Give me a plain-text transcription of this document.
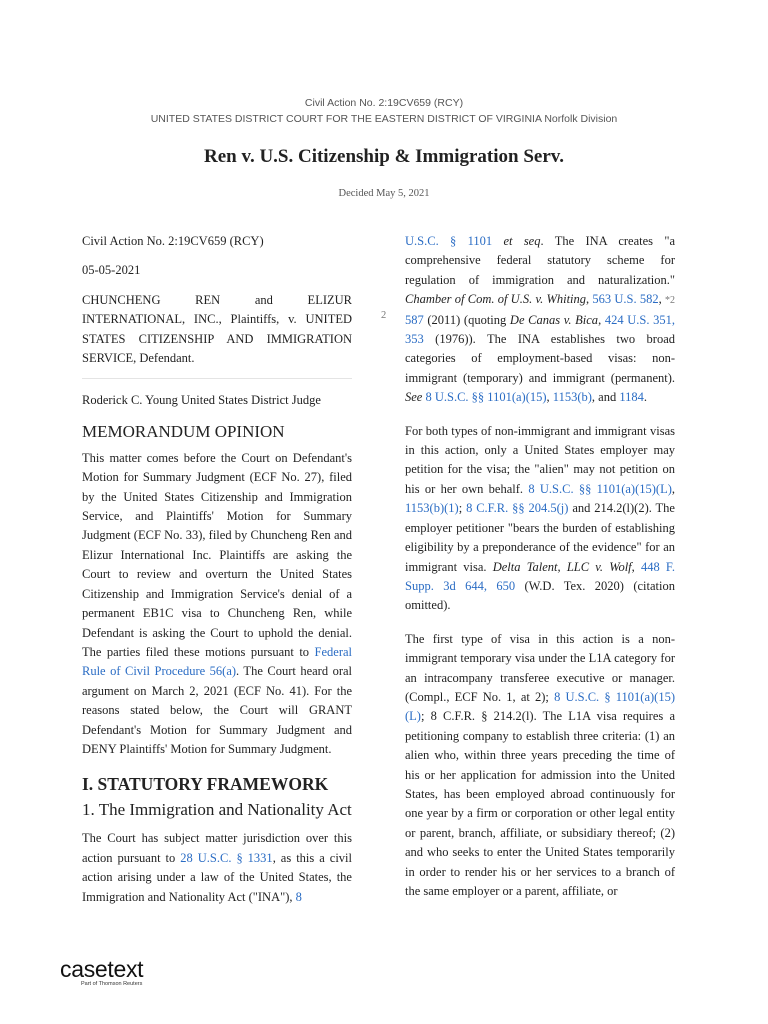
Civil Action No. 2:19CV659 (RCY)
UNITED STATES DISTRICT COURT FOR THE EASTERN DISTRICT OF VIRGINIA Norfolk Division
Ren v. U.S. Citizenship & Immigration Serv.
Decided May 5, 2021
Civil Action No. 2:19CV659 (RCY)
05-05-2021
CHUNCHENG REN and ELIZUR INTERNATIONAL, INC., Plaintiffs, v. UNITED STATES CITIZENSHIP AND IMMIGRATION SERVICE, Defendant.
Roderick C. Young United States District Judge
MEMORANDUM OPINION
This matter comes before the Court on Defendant's Motion for Summary Judgment (ECF No. 27), filed by the United States Citizenship and Immigration Service, and Plaintiffs' Motion for Summary Judgment (ECF No. 33), filed by Chuncheng Ren and Elizur International Inc. Plaintiffs are asking the Court to review and overturn the United States Citizenship and Immigration Service's denial of a permanent EB1C visa to Chuncheng Ren, while Defendant is asking the Court to uphold the denial. The parties filed these motions pursuant to Federal Rule of Civil Procedure 56(a). The Court heard oral argument on March 2, 2021 (ECF No. 41). For the reasons stated below, the Court will GRANT Defendant's Motion for Summary Judgment and DENY Plaintiffs' Motion for Summary Judgment.
I. STATUTORY FRAMEWORK
1. The Immigration and Nationality Act
The Court has subject matter jurisdiction over this action pursuant to 28 U.S.C. § 1331, as this a civil action arising under a law of the United States, the Immigration and Nationality Act ("INA"), 8
2
U.S.C. § 1101 et seq. The INA creates "a comprehensive federal statutory scheme for regulation of immigration and naturalization." Chamber of Com. of U.S. v. Whiting, 563 U.S. 582, *2 587 (2011) (quoting De Canas v. Bica, 424 U.S. 351, 353 (1976)). The INA establishes two broad categories of employment-based visas: non-immigrant (temporary) and immigrant (permanent). See 8 U.S.C. §§ 1101(a)(15), 1153(b), and 1184.
For both types of non-immigrant and immigrant visas in this action, only a United States employer may petition for the visa; the "alien" may not petition on his or her own behalf. 8 U.S.C. §§ 1101(a)(15)(L), 1153(b)(1); 8 C.F.R. §§ 204.5(j) and 214.2(l)(2). The employer petitioner "bears the burden of establishing eligibility by a preponderance of the evidence" for an immigrant visa. Delta Talent, LLC v. Wolf, 448 F. Supp. 3d 644, 650 (W.D. Tex. 2020) (citation omitted).
The first type of visa in this action is a non-immigrant temporary visa under the L1A category for an intracompany transferee executive or manager. (Compl., ECF No. 1, at 2); 8 U.S.C. § 1101(a)(15)(L); 8 C.F.R. § 214.2(l). The L1A visa requires a petitioning company to establish three criteria: (1) an alien who, within three years preceding the time of his or her application for admission into the United States, has been employed abroad continuously for one year by a firm or corporation or other legal entity or parent, branch, affiliate, or subsidiary thereof; (2) and who seeks to enter the United States temporarily in order to render his or her services to a branch of the same employer or a parent, affiliate, or
casetext
Part of Thomson Reuters
